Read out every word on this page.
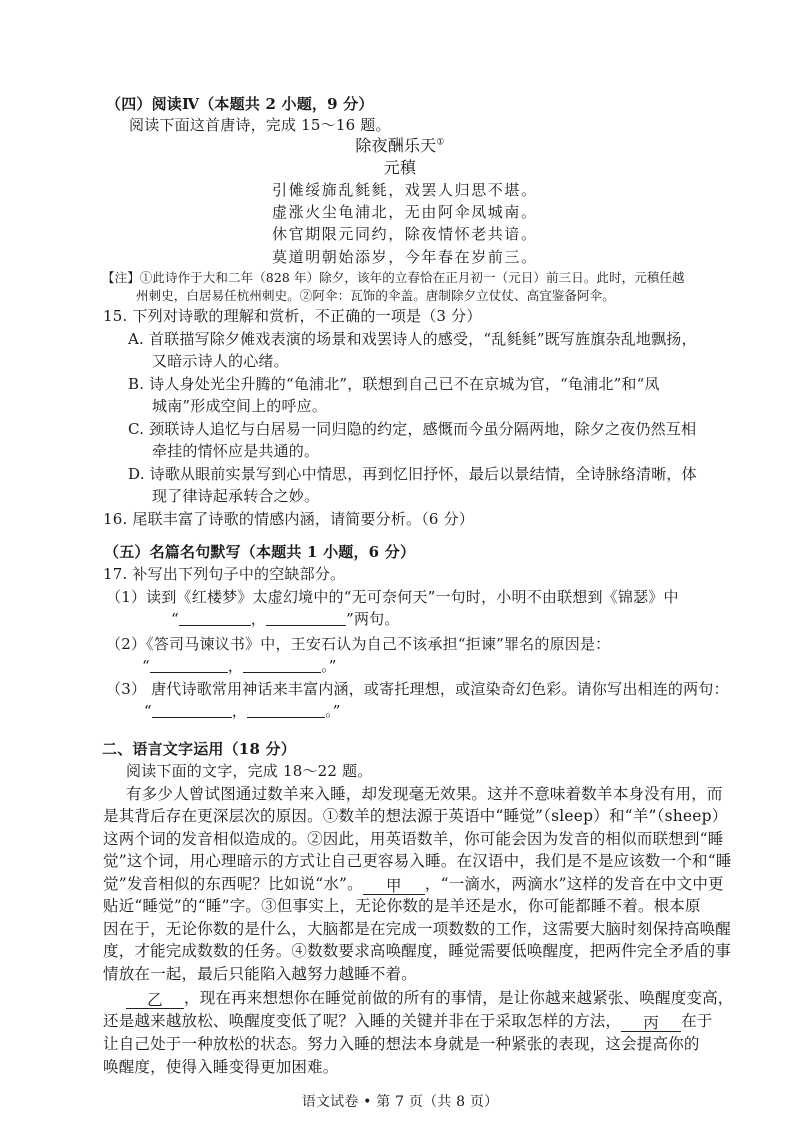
（四）阅读Ⅳ（本题共 2 小题，9 分）
阅读下面这首唐诗，完成 15～16 题。
除夜酬乐天①
元稹
引傩绥旆乱毵毵，戏罢人归思不堪。
虚涨火尘龟浦北，无由阿伞凤城南。
休官期限元同约，除夜情怀老共谙。
莫道明朝始添岁，今年春在岁前三。
【注】①此诗作于大和二年（828 年）除夕，该年的立春恰在正月初一（元日）前三日。此时，元稹任越
州刺史，白居易任杭州刺史。②阿伞：瓦饰的伞盖。唐制除夕立仗仗、高宜鉴备阿伞。
15. 下列对诗歌的理解和赏析，不正确的一项是（3 分）
A. 首联描写除夕傩戏表演的场景和戏罢诗人的感受，“乱毵毵”既写旌旗杂乱地飘扬，
又暗示诗人的心绪。
B. 诗人身处光尘升腾的“龟浦北”，联想到自己已不在京城为官，“龟浦北”和“凤
城南”形成空间上的呼应。
C. 颈联诗人追忆与白居易一同归隐的约定，感慨而今虽分隔两地，除夕之夜仍然互相
牵挂的情怀应是共通的。
D. 诗歌从眼前实景写到心中情思，再到忆旧抒怀，最后以景结情，全诗脉络清晰，体
现了律诗起承转合之妙。
16. 尾联丰富了诗歌的情感内涵，请简要分析。（6 分）
（五）名篇名句默写（本题共 1 小题，6 分）
17. 补写出下列句子中的空缺部分。
（1）读到《红楼梦》太虚幻境中的“无可奈何天”一句时，小明不由联想到《锦瑟》中
“	，	”两句。
（2）《答司马谏议书》中，王安石认为自己不该承担“拒谏”罪名的原因是：
“	，	。”
（3） 唐代诗歌常用神话来丰富内涵，或寄托理想，或渲染奇幻色彩。请你写出相连的两句：
“	，	。”
二、语言文字运用（18 分）
阅读下面的文字，完成 18～22 题。
有多少人曾试图通过数羊来入睡，却发现毫无效果。这并不意味着数羊本身没有用，而
是其背后存在更深层次的原因。①数羊的想法源于英语中“睡觉”（sleep）和“羊”（sheep）
这两个词的发音相似造成的。②因此，用英语数羊，你可能会因为发音的相似而联想到“睡
觉”这个词，用心理暗示的方式让自己更容易入睡。在汉语中，我们是不是应该数一个和“睡
觉”发音相似的东西呢？比如说“水”。 甲 ，“一滴水，两滴水”这样的发音在中文中更
贴近“睡觉”的“睡”字。③但事实上，无论你数的是羊还是水，你可能都睡不着。根本原
因在于，无论你数的是什么，大脑都是在完成一项数数的工作，这需要大脑时刻保持高唤醒
度，才能完成数数的任务。④数数要求高唤醒度，睡觉需要低唤醒度，把两件完全矛盾的事
情放在一起，最后只能陷入越努力越睡不着。
乙 ，现在再来想想你在睡觉前做的所有的事情，是让你越来越紧张、唤醒度变高，
还是越来越放松、唤醒度变低了呢？入睡的关键并非在于采取怎样的方法， 丙 在于
让自己处于一种放松的状态。努力入睡的想法本身就是一种紧张的表现，这会提高你的
唤醒度，使得入睡变得更加困难。
语文试卷 • 第 7 页（共 8 页）
